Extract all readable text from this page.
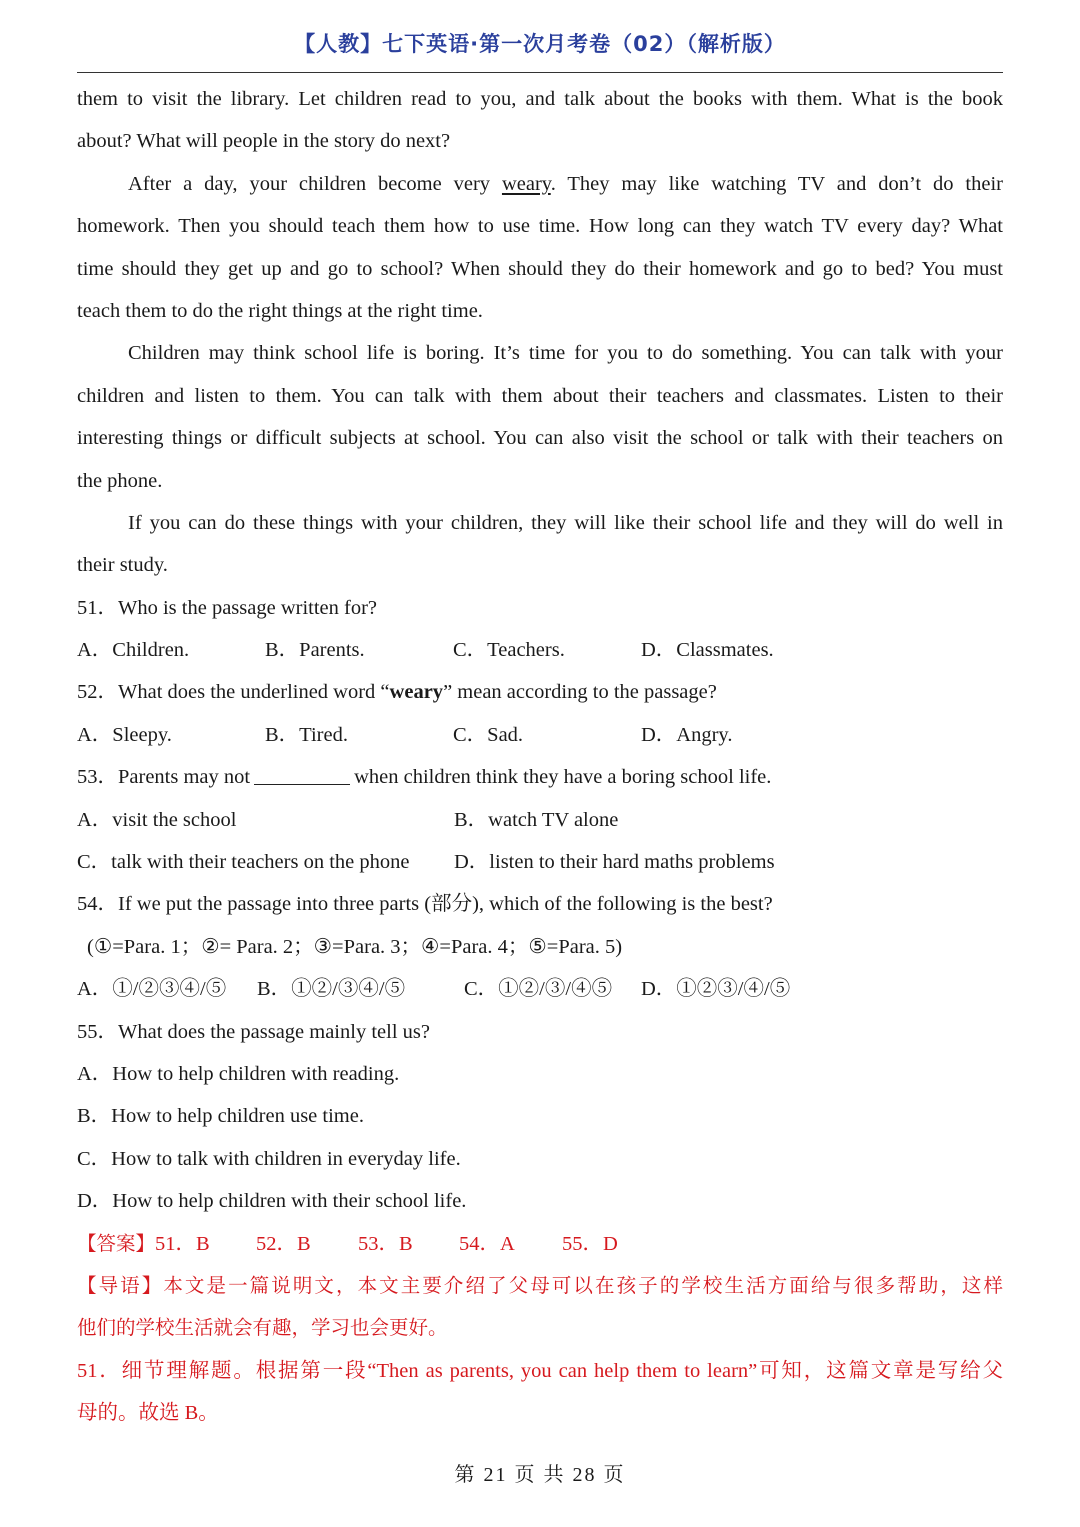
【人教】七下英语·第一次月考卷（02）（解析版）
them to visit the library. Let children read to you, and talk about the books with them. What is the book
about? What will people in the story do next?
After a day, your children become very weary. They may like watching TV and don’t do their
homework. Then you should teach them how to use time. How long can they watch TV every day? What
time should they get up and go to school? When should they do their homework and go to bed? You must
teach them to do the right things at the right time.
Children may think school life is boring. It’s time for you to do something. You can talk with your
children and listen to them. You can talk with them about their teachers and classmates. Listen to their
interesting things or difficult subjects at school. You can also visit the school or talk with their teachers on
the phone.
If you can do these things with your children, they will like their school life and they will do well in
their study.
51．Who is the passage written for?
A．Children.	B．Parents.	C．Teachers.	D．Classmates.
52．What does the underlined word “weary” mean according to the passage?
A．Sleepy.	B．Tired.	C．Sad.	D．Angry.
53．Parents may not	when children think they have a boring school life.
A．visit the school	B．watch TV alone
C．talk with their teachers on the phone	D．listen to their hard maths problems
54．If we put the passage into three parts (部分), which of the following is the best?
(①=Para. 1；②= Para. 2；③=Para. 3；④=Para. 4；⑤=Para. 5)
A．①/②③④/⑤	B．①②/③④/⑤	C．①②/③/④⑤	D．①②③/④/⑤
55．What does the passage mainly tell us?
A．How to help children with reading.
B．How to help children use time.
C．How to talk with children in everyday life.
D．How to help children with their school life.
【答案】51．B 52．B 53．B 54．A 55．D
【导语】本文是一篇说明文，本文主要介绍了父母可以在孩子的学校生活方面给与很多帮助，这样
他们的学校生活就会有趣，学习也会更好。
51．细节理解题。根据第一段“Then as parents, you can help them to learn”可知，这篇文章是写给父
母的。故选 B。
第 21 页 共 28 页
